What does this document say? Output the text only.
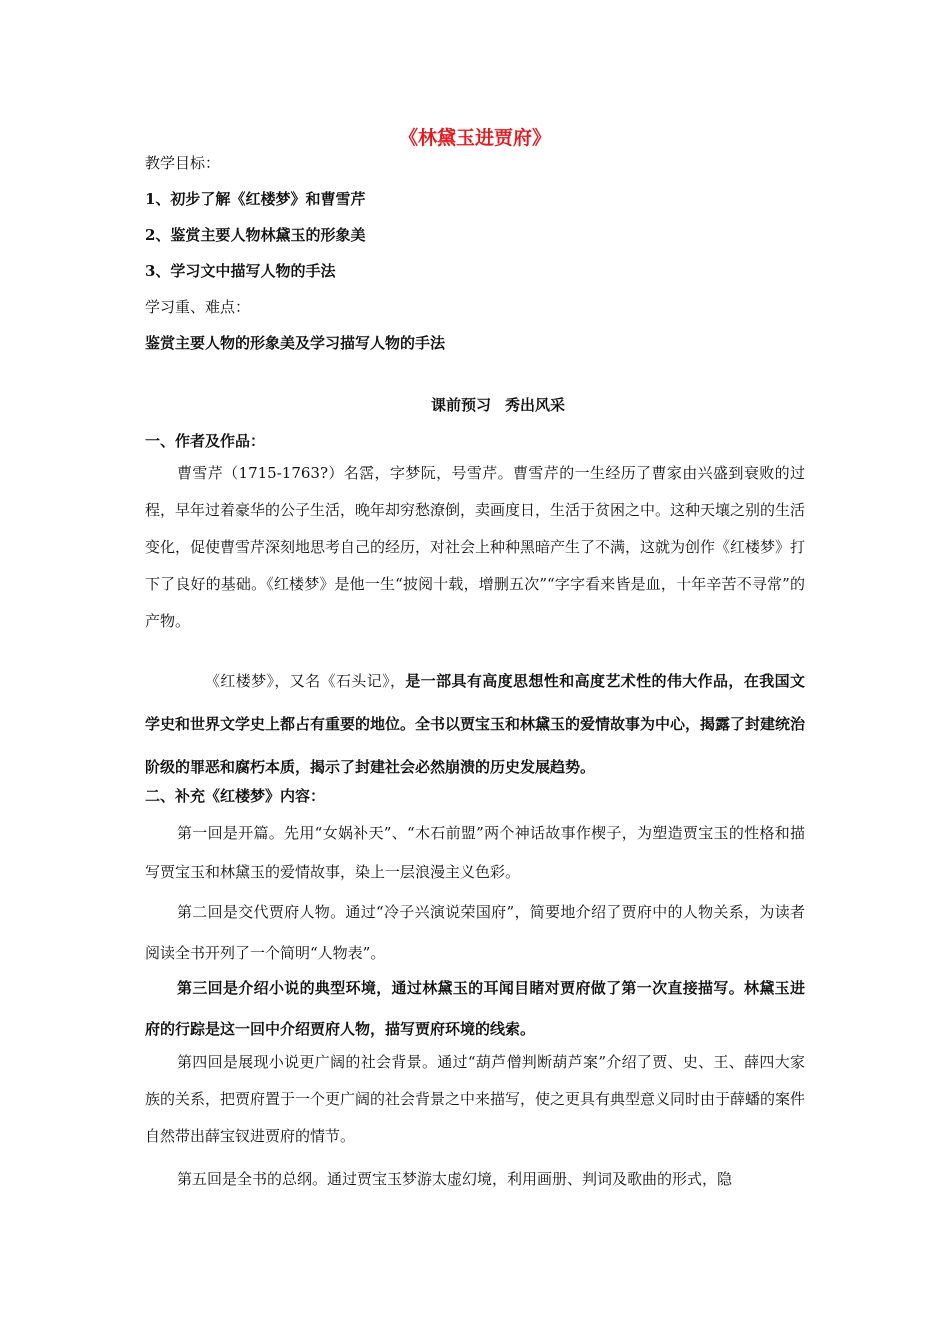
《林黛玉进贾府》
教学目标：
1、初步了解《红楼梦》和曹雪芹
2、鉴赏主要人物林黛玉的形象美
3、学习文中描写人物的手法
学习重、难点：
鉴赏主要人物的形象美及学习描写人物的手法
课前预习 秀出风采
一、作者及作品：

曹雪芹（1715-1763?）名霑，字梦阮，号雪芹。曹雪芹的一生经历了曹家由兴盛到衰败的过程，早年过着豪华的公子生活，晚年却穷愁潦倒，卖画度日，生活于贫困之中。这种天壤之别的生活变化，促使曹雪芹深刻地思考自己的经历，对社会上种种黑暗产生了不满，这就为创作《红楼梦》打下了良好的基础。《红楼梦》是他一生“披阅十载，增删五次”“字字看来皆是血，十年辛苦不寻常”的产物。

《红楼梦》，又名《石头记》，是一部具有高度思想性和高度艺术性的伟大作品，在我国文学史和世界文学史上都占有重要的地位。全书以贾宝玉和林黛玉的爱情故事为中心，揭露了封建统治阶级的罪恶和腐朽本质，揭示了封建社会必然崩溃的历史发展趋势。

二、补充《红楼梦》内容：

第一回是开篇。先用“女娲补天”、“木石前盟”两个神话故事作楔子，为塑造贾宝玉的性格和描写贾宝玉和林黛玉的爱情故事，染上一层浪漫主义色彩。

第二回是交代贾府人物。通过“冷子兴演说荣国府”，简要地介绍了贾府中的人物关系，为读者阅读全书开列了一个简明“人物表”。

第三回是介绍小说的典型环境，通过林黛玉的耳闻目睹对贾府做了第一次直接描写。林黛玉进府的行踪是这一回中介绍贾府人物，描写贾府环境的线索。

第四回是展现小说更广阔的社会背景。通过“葫芦僧判断葫芦案”介绍了贾、史、王、薛四大家族的关系，把贾府置于一个更广阔的社会背景之中来描写，使之更具有典型意义同时由于薛蟠的案件自然带出薛宝钗进贾府的情节。

第五回是全书的总纲。通过贾宝玉梦游太虚幻境，利用画册、判词及歌曲的形式，隐
